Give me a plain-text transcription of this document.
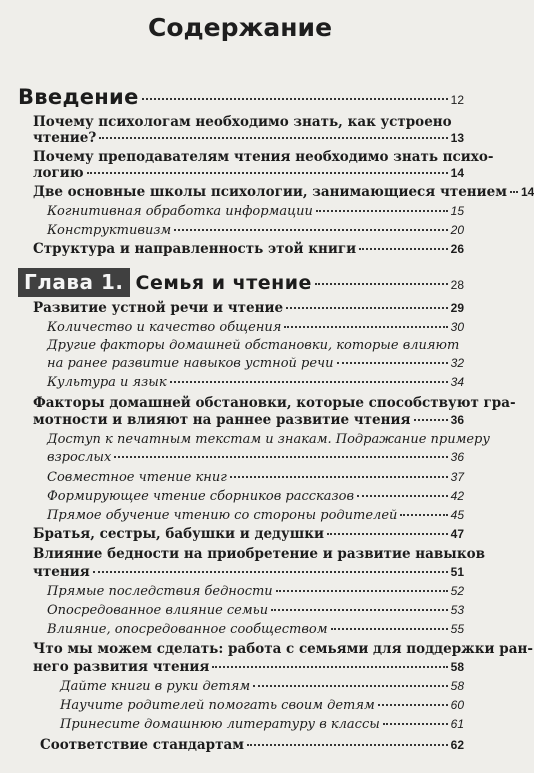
Содержание
Введение	12
Почему психологам необходимо знать, как устроено
чтение?	13
Почему преподавателям чтения необходимо знать психо-
логию	14
Две основные школы психологии, занимающиеся чтением 14
Когнитивная обработка информации	15
Конструктивизм	20
Структура и направленность этой книги	26
Глава 1. Семья и чтение	28
Развитие устной речи и чтение	29
Количество и качество общения	30
Другие факторы домашней обстановки, которые влияют
на ранее развитие навыков устной речи	32
Культура и язык	34
Факторы домашней обстановки, которые способствуют гра-
мотности и влияют на раннее развитие чтения	36
Доступ к печатным текстам и знакам. Подражание примеру
взрослых	36
Совместное чтение книг	37
Формирующее чтение сборников рассказов	42
Прямое обучение чтению со стороны родителей	45
Братья, сестры, бабушки и дедушки	47
Влияние бедности на приобретение и развитие навыков
чтения	51
Прямые последствия бедности	52
Опосредованное влияние семьи	53
Влияние, опосредованное сообществом	55
Что мы можем сделать: работа с семьями для поддержки ран-
него развития чтения	58
Дайте книги в руки детям	58
Научите родителей помогать своим детям	60
Принесите домашнюю литературу в классы	61
Соответствие стандартам	62
